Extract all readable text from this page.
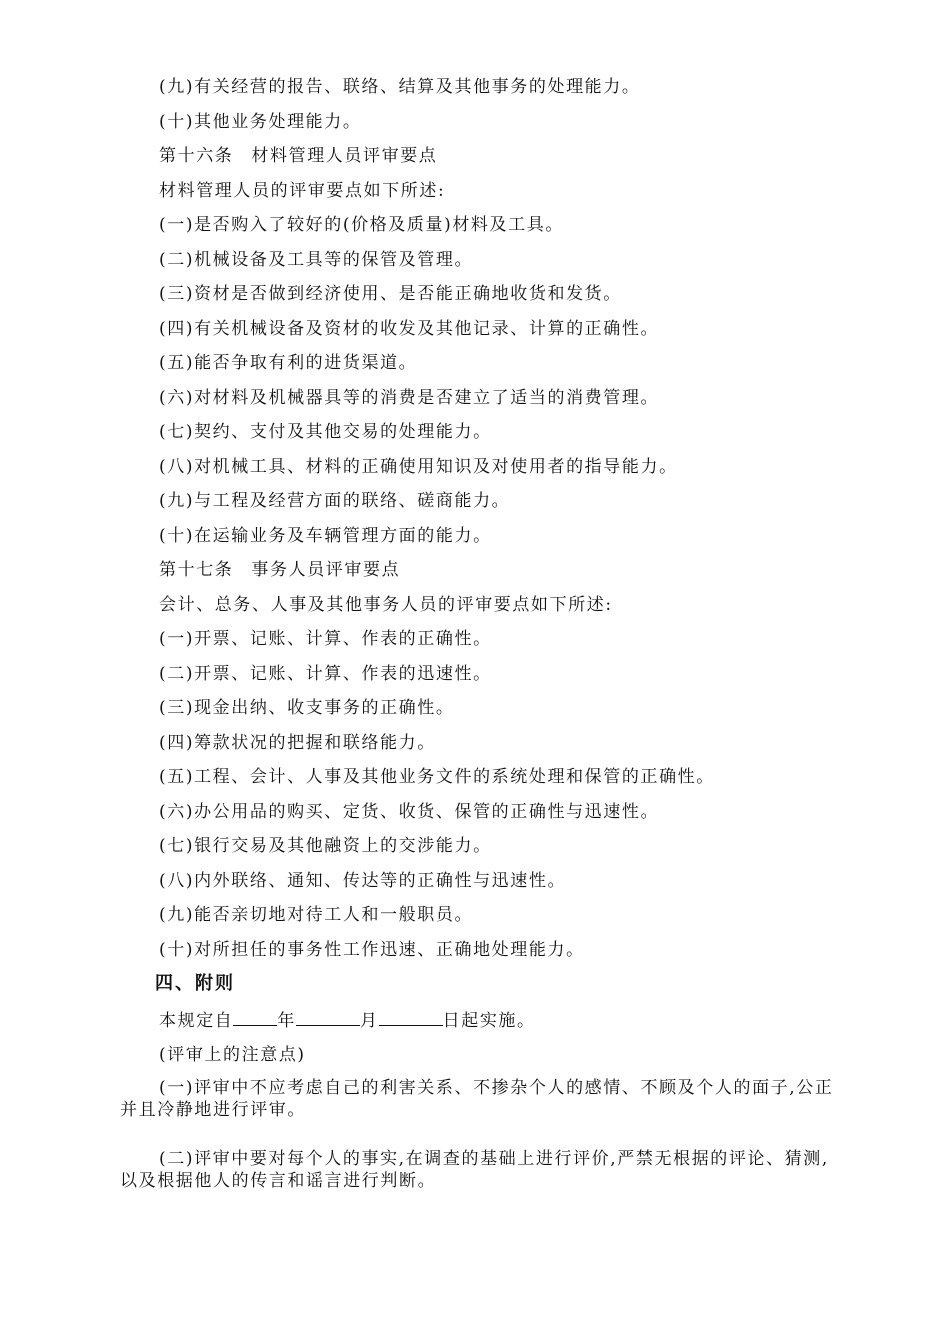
(九)有关经营的报告、联络、结算及其他事务的处理能力。
(十)其他业务处理能力。
第十六条 材料管理人员评审要点
材料管理人员的评审要点如下所述:
(一)是否购入了较好的(价格及质量)材料及工具。
(二)机械设备及工具等的保管及管理。
(三)资材是否做到经济使用、是否能正确地收货和发货。
(四)有关机械设备及资材的收发及其他记录、计算的正确性。
(五)能否争取有利的进货渠道。
(六)对材料及机械器具等的消费是否建立了适当的消费管理。
(七)契约、支付及其他交易的处理能力。
(八)对机械工具、材料的正确使用知识及对使用者的指导能力。
(九)与工程及经营方面的联络、磋商能力。
(十)在运输业务及车辆管理方面的能力。
第十七条 事务人员评审要点
会计、总务、人事及其他事务人员的评审要点如下所述:
(一)开票、记账、计算、作表的正确性。
(二)开票、记账、计算、作表的迅速性。
(三)现金出纳、收支事务的正确性。
(四)筹款状况的把握和联络能力。
(五)工程、会计、人事及其他业务文件的系统处理和保管的正确性。
(六)办公用品的购买、定货、收货、保管的正确性与迅速性。
(七)银行交易及其他融资上的交涉能力。
(八)内外联络、通知、传达等的正确性与迅速性。
(九)能否亲切地对待工人和一般职员。
(十)对所担任的事务性工作迅速、正确地处理能力。
四、附则
本规定自	年	月	日起实施。
(评审上的注意点)
(一)评审中不应考虑自己的利害关系、不掺杂个人的感情、不顾及个人的面子,公正并且冷静地进行评审。
(二)评审中要对每个人的事实,在调查的基础上进行评价,严禁无根据的评论、猜测,以及根据他人的传言和谣言进行判断。
